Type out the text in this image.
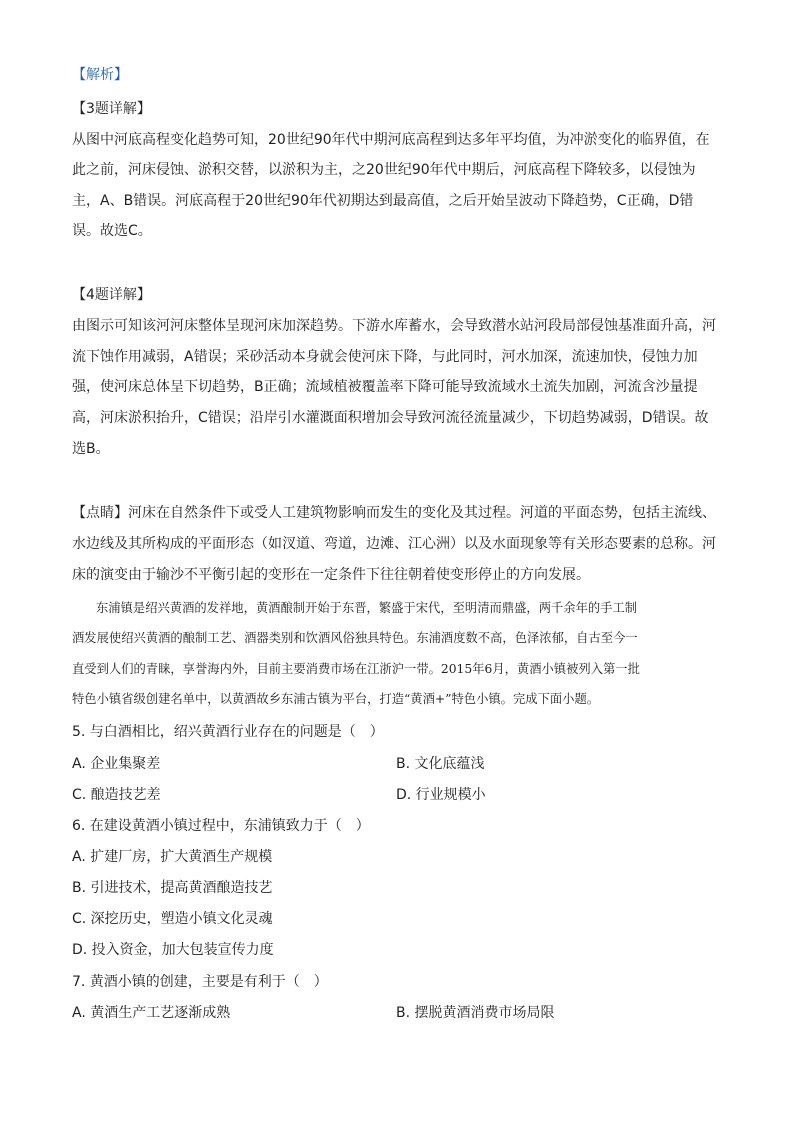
【解析】
【3题详解】
从图中河底高程变化趋势可知，20世纪90年代中期河底高程到达多年平均值，为冲淤变化的临界值，在
此之前，河床侵蚀、淤积交替，以淤积为主，之20世纪90年代中期后，河底高程下降较多，以侵蚀为
主，A、B错误。河底高程于20世纪90年代初期达到最高值，之后开始呈波动下降趋势，C正确，D错
误。故选C。
【4题详解】
由图示可知该河河床整体呈现河床加深趋势。下游水库蓄水，会导致潜水站河段局部侵蚀基准面升高，河
流下蚀作用减弱，A错误；采砂活动本身就会使河床下降，与此同时，河水加深，流速加快，侵蚀力加
强，使河床总体呈下切趋势，B正确；流域植被覆盖率下降可能导致流域水土流失加剧，河流含沙量提
高，河床淤积抬升，C错误；沿岸引水灌溉面积增加会导致河流径流量减少，下切趋势减弱，D错误。故
选B。
【点睛】河床在自然条件下或受人工建筑物影响而发生的变化及其过程。河道的平面态势，包括主流线、
水边线及其所构成的平面形态（如汊道、弯道，边滩、江心洲）以及水面现象等有关形态要素的总称。河
床的演变由于输沙不平衡引起的变形在一定条件下往往朝着使变形停止的方向发展。
东浦镇是绍兴黄酒的发祥地，黄酒酿制开始于东晋，繁盛于宋代，至明清而鼎盛，两千余年的手工制
酒发展使绍兴黄酒的酿制工艺、酒器类别和饮酒风俗独具特色。东浦酒度数不高，色泽浓郁，自古至今一
直受到人们的青睐，享誉海内外，目前主要消费市场在江浙沪一带。2015年6月，黄酒小镇被列入第一批
特色小镇省级创建名单中，以黄酒故乡东浦古镇为平台，打造“黄酒+”特色小镇。完成下面小题。
5. 与白酒相比，绍兴黄酒行业存在的问题是（　）
A. 企业集聚差	B. 文化底蕴浅
C. 酿造技艺差	D. 行业规模小
6. 在建设黄酒小镇过程中，东浦镇致力于（　）
A. 扩建厂房，扩大黄酒生产规模
B. 引进技术，提高黄酒酿造技艺
C. 深挖历史，塑造小镇文化灵魂
D. 投入资金，加大包装宣传力度
7. 黄酒小镇的创建，主要是有利于（　）
A. 黄酒生产工艺逐渐成熟	B. 摆脱黄酒消费市场局限
